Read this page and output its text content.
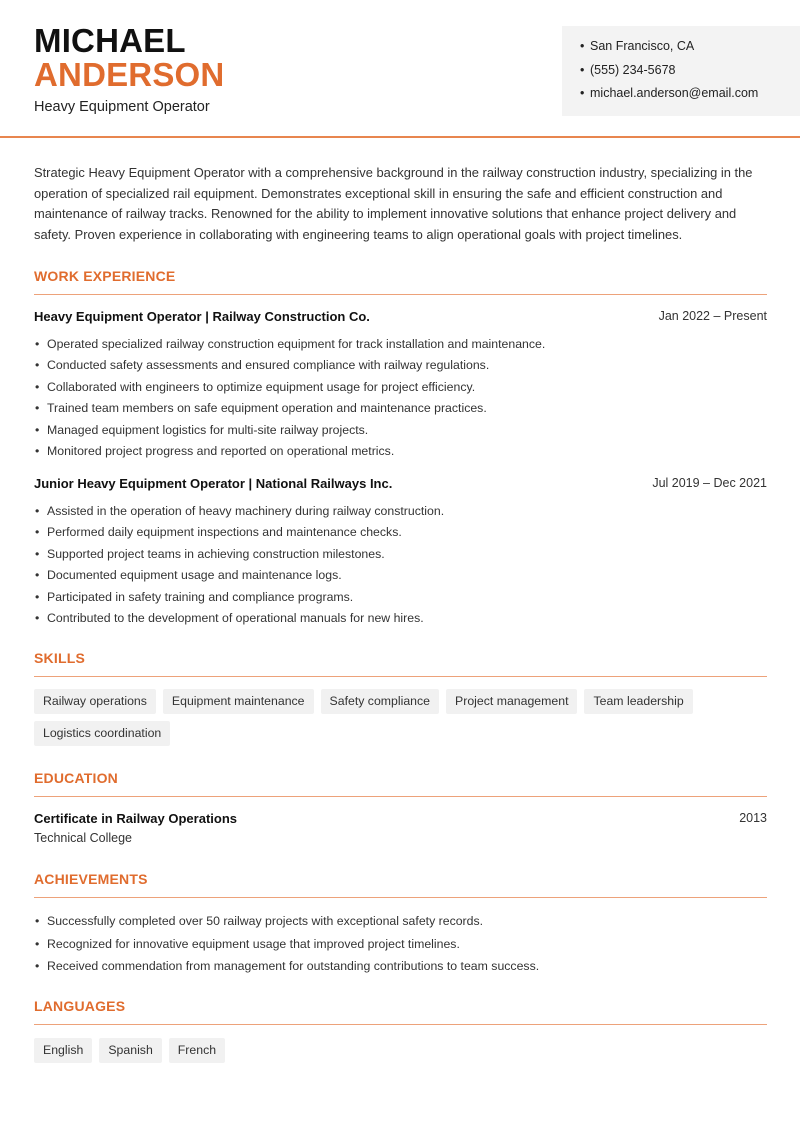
MICHAEL
ANDERSON
Heavy Equipment Operator
• San Francisco, CA
• (555) 234-5678
• michael.anderson@email.com
Strategic Heavy Equipment Operator with a comprehensive background in the railway construction industry, specializing in the operation of specialized rail equipment. Demonstrates exceptional skill in ensuring the safe and efficient construction and maintenance of railway tracks. Renowned for the ability to implement innovative solutions that enhance project delivery and safety. Proven experience in collaborating with engineering teams to align operational goals with project timelines.
WORK EXPERIENCE
Heavy Equipment Operator | Railway Construction Co.	Jan 2022 – Present
• Operated specialized railway construction equipment for track installation and maintenance.
• Conducted safety assessments and ensured compliance with railway regulations.
• Collaborated with engineers to optimize equipment usage for project efficiency.
• Trained team members on safe equipment operation and maintenance practices.
• Managed equipment logistics for multi-site railway projects.
• Monitored project progress and reported on operational metrics.
Junior Heavy Equipment Operator | National Railways Inc.	Jul 2019 – Dec 2021
• Assisted in the operation of heavy machinery during railway construction.
• Performed daily equipment inspections and maintenance checks.
• Supported project teams in achieving construction milestones.
• Documented equipment usage and maintenance logs.
• Participated in safety training and compliance programs.
• Contributed to the development of operational manuals for new hires.
SKILLS
Railway operations	Equipment maintenance	Safety compliance	Project management	Team leadership
Logistics coordination
EDUCATION
Certificate in Railway Operations	2013
Technical College
ACHIEVEMENTS
• Successfully completed over 50 railway projects with exceptional safety records.
• Recognized for innovative equipment usage that improved project timelines.
• Received commendation from management for outstanding contributions to team success.
LANGUAGES
English	Spanish	French
